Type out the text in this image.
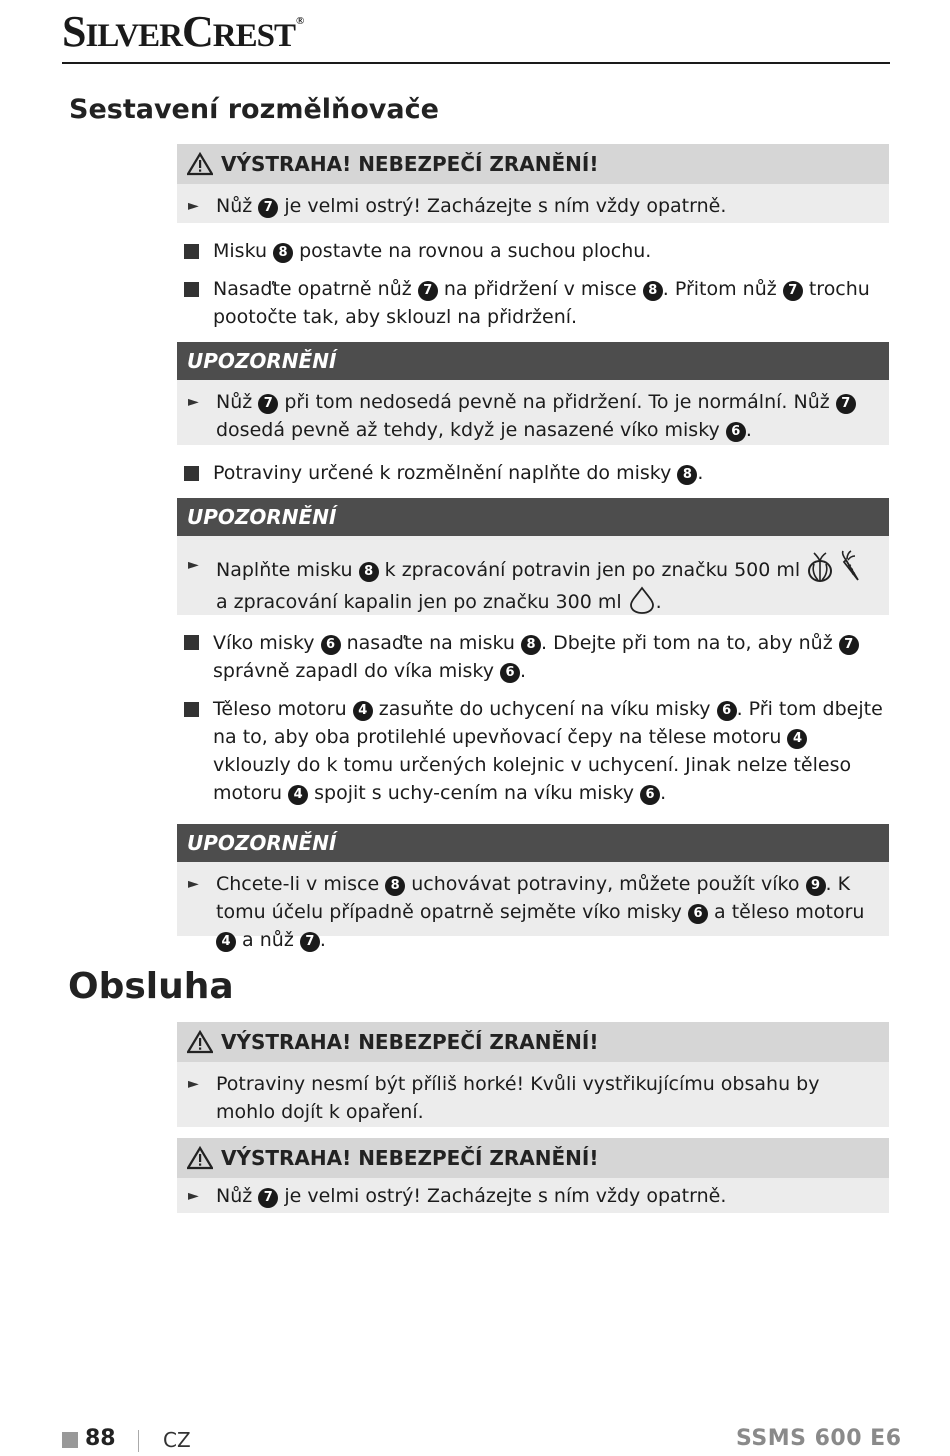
SILVERCREST®
Sestavení rozmělňovače
VÝSTRAHA! NEBEZPEČÍ ZRANĚNÍ!
► Nůž 7 je velmi ostrý! Zacházejte s ním vždy opatrně.
Misku 8 postavte na rovnou a suchou plochu.
Nasaďte opatrně nůž 7 na přidržení v misce 8 . Přitom nůž 7 trochu pootočte tak, aby sklouzl na přidržení.
UPOZORNĚNÍ
► Nůž 7 při tom nedosedá pevně na přidržení. To je normální. Nůž 7 dosedá pevně až tehdy, když je nasazené víko misky 6 .
Potraviny určené k rozmělnění naplňte do misky 8 .
UPOZORNĚNÍ
► Naplňte misku 8 k zpracování potravin jen po značku 500 ml
a zpracování kapalin jen po značku 300 ml .
Víko misky 6 nasaďte na misku 8 . Dbejte při tom na to, aby nůž 7 správně zapadl do víka misky 6 .
Těleso motoru 4 zasuňte do uchycení na víku misky 6 . Při tom dbejte na to, aby oba protilehlé upevňovací čepy na tělese motoru 4 vklouzly do k tomu určených kolejnic v uchycení. Jinak nelze těleso motoru 4 spojit s uchy-cením na víku misky 6 .
UPOZORNĚNÍ
► Chcete-li v misce 8 uchovávat potraviny, můžete použít víko 9 . K tomu účelu případně opatrně sejměte víko misky 6 a těleso motoru 4 a nůž 7 .
Obsluha
VÝSTRAHA! NEBEZPEČÍ ZRANĚNÍ!
► Potraviny nesmí být příliš horké! Kvůli vystřikujícímu obsahu by mohlo dojít k opaření.
VÝSTRAHA! NEBEZPEČÍ ZRANĚNÍ!
► Nůž 7 je velmi ostrý! Zacházejte s ním vždy opatrně.
88 CZ	SSMS 600 E6
